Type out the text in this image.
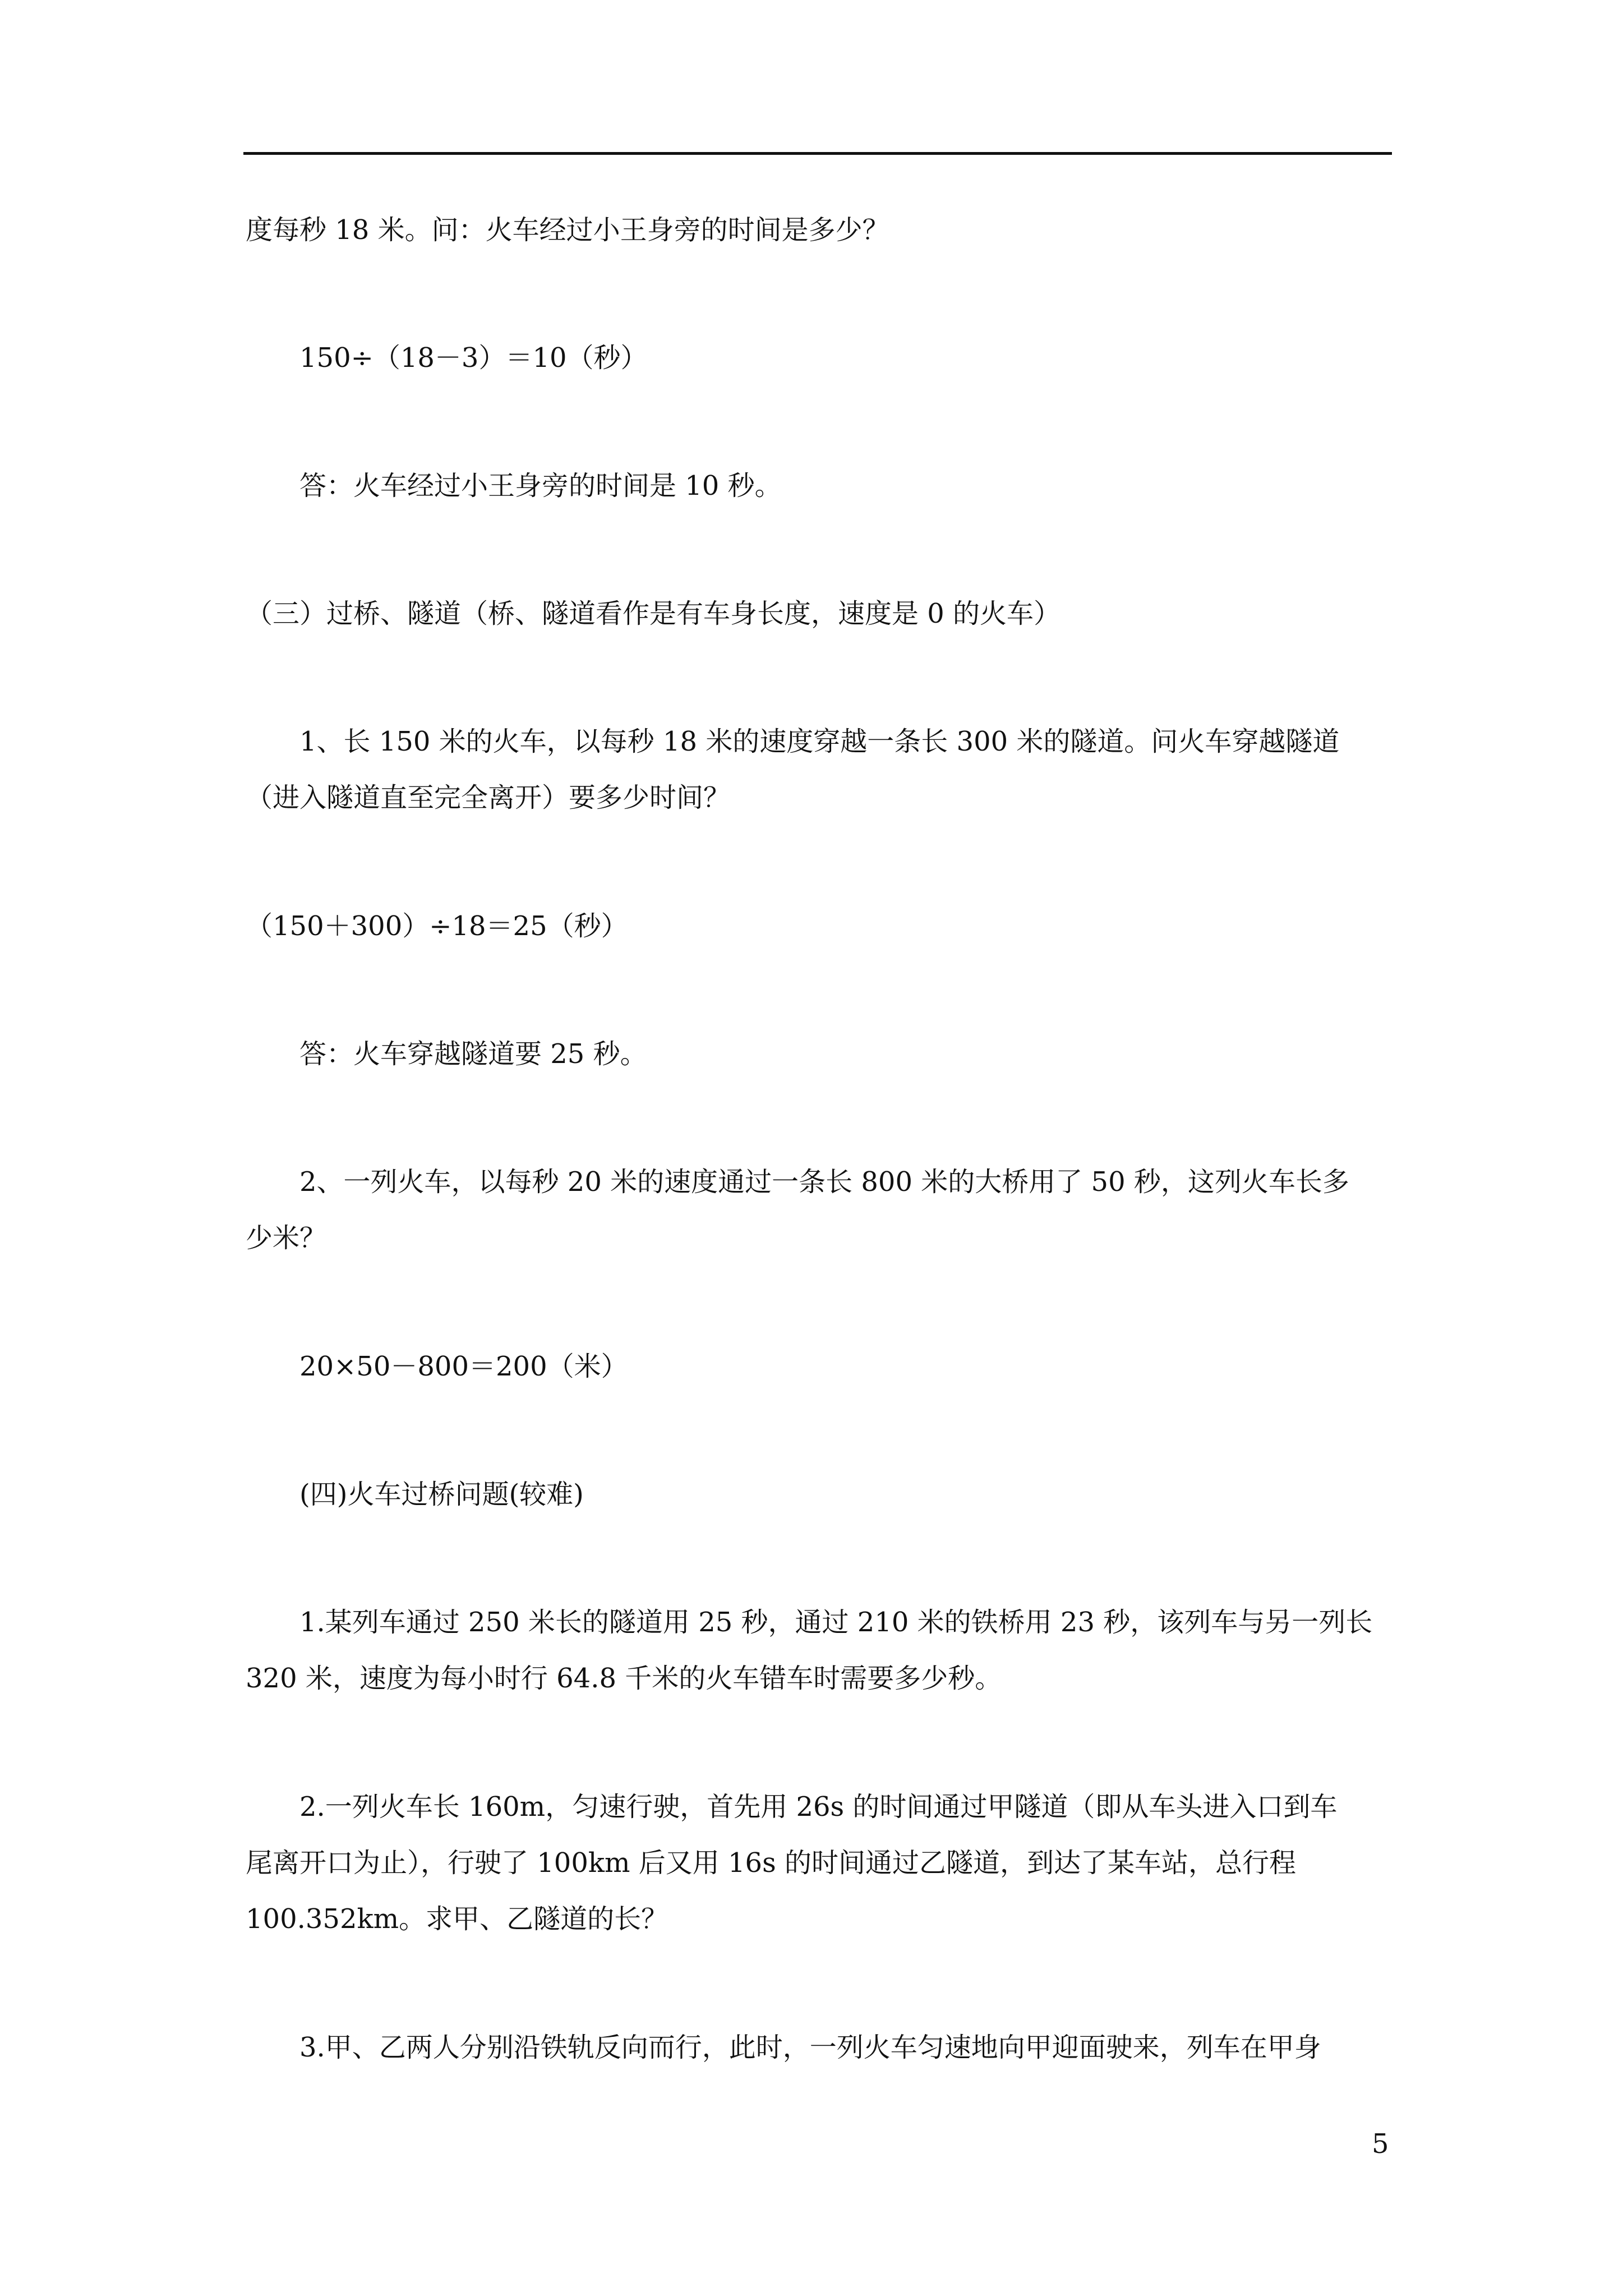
度每秒 18 米。问：火车经过小王身旁的时间是多少？
150÷（18－3）＝10（秒）
答：火车经过小王身旁的时间是 10 秒。
（三）过桥、隧道（桥、隧道看作是有车身长度，速度是 0 的火车）
1、长 150 米的火车，以每秒 18 米的速度穿越一条长 300 米的隧道。问火车穿越隧道
（进入隧道直至完全离开）要多少时间？
（150＋300）÷18＝25（秒）
答：火车穿越隧道要 25 秒。
2、一列火车，以每秒 20 米的速度通过一条长 800 米的大桥用了 50 秒，这列火车长多
少米？
20×50－800＝200（米）
(四)火车过桥问题(较难)
1.某列车通过 250 米长的隧道用 25 秒，通过 210 米的铁桥用 23 秒，该列车与另一列长
320 米，速度为每小时行 64.8 千米的火车错车时需要多少秒。
2.一列火车长 160m，匀速行驶，首先用 26s 的时间通过甲隧道（即从车头进入口到车
尾离开口为止），行驶了 100km 后又用 16s 的时间通过乙隧道，到达了某车站，总行程
100.352km。求甲、乙隧道的长？
3.甲、乙两人分别沿铁轨反向而行，此时，一列火车匀速地向甲迎面驶来，列车在甲身
5
